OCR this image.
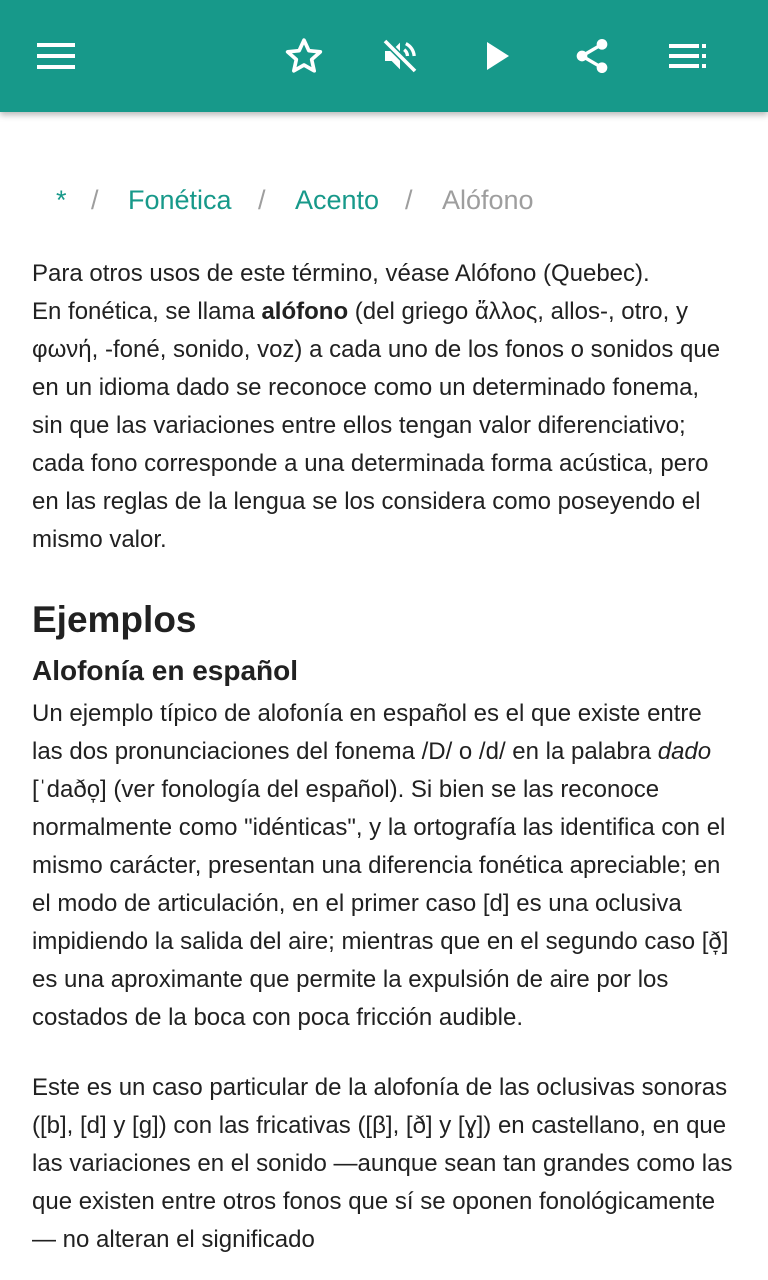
* / Fonética / Acento / Alófono

Para otros usos de este término, véase Alófono (Quebec).

En fonética, se llama alófono (del griego ἄλλος, allos-, otro, y φωνή, -foné, sonido, voz) a cada uno de los fonos o sonidos que en un idioma dado se reconoce como un determinado fonema, sin que las variaciones entre ellos tengan valor diferenciativo; cada fono corresponde a una determinada forma acústica, pero en las reglas de la lengua se los considera como poseyendo el mismo valor.

Ejemplos
Alofonía en español

Un ejemplo típico de alofonía en español es el que existe entre las dos pronunciaciones del fonema /D/ o /d/ en la palabra dado [ˈdaðo̞] (ver fonología del español). Si bien se las reconoce normalmente como "idénticas", y la ortografía las identifica con el mismo carácter, presentan una diferencia fonética apreciable; en el modo de articulación, en el primer caso [d] es una oclusiva impidiendo la salida del aire; mientras que en el segundo caso [ð̞] es una aproximante que permite la expulsión de aire por los costados de la boca con poca fricción audible.

Este es un caso particular de la alofonía de las oclusivas sonoras ([b], [d] y [g]) con las fricativas ([β], [ð] y [ɣ]) en castellano, en que las variaciones en el sonido —aunque sean tan grandes como las que existen entre otros fonos que sí se oponen fonológicamente— no alteran el significado
